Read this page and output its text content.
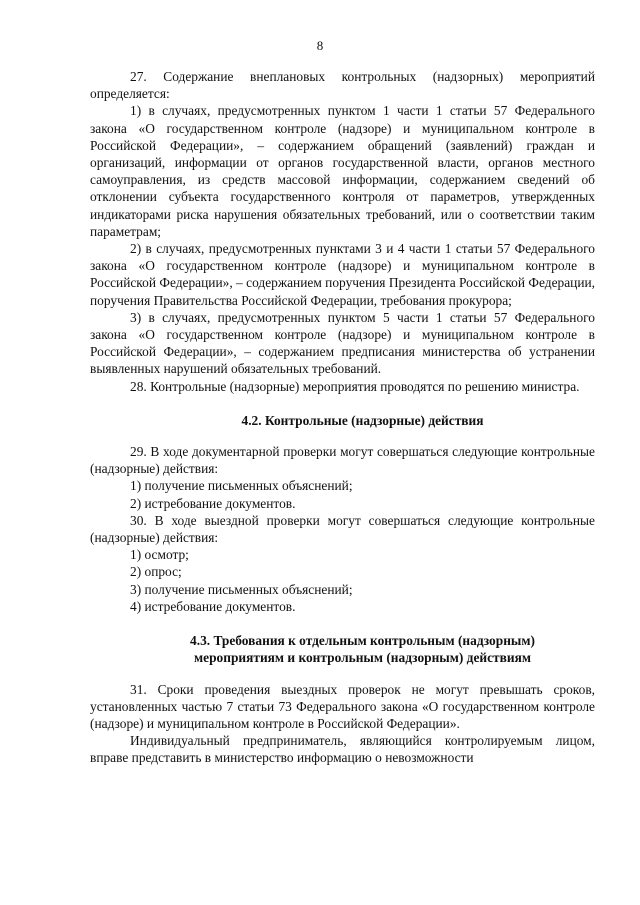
8

27. Содержание внеплановых контрольных (надзорных) мероприятий определяется:

1) в случаях, предусмотренных пунктом 1 части 1 статьи 57 Федерального закона «О государственном контроле (надзоре) и муниципальном контроле в Российской Федерации», – содержанием обращений (заявлений) граждан и организаций, информации от органов государственной власти, органов местного самоуправления, из средств массовой информации, содержанием сведений об отклонении субъекта государственного контроля от параметров, утвержденных индикаторами риска нарушения обязательных требований, или о соответствии таким параметрам;

2) в случаях, предусмотренных пунктами 3 и 4 части 1 статьи 57 Федерального закона «О государственном контроле (надзоре) и муниципальном контроле в Российской Федерации», – содержанием поручения Президента Российской Федерации, поручения Правительства Российской Федерации, требования прокурора;

3) в случаях, предусмотренных пунктом 5 части 1 статьи 57 Федерального закона «О государственном контроле (надзоре) и муниципальном контроле в Российской Федерации», – содержанием предписания министерства об устранении выявленных нарушений обязательных требований.

28. Контрольные (надзорные) мероприятия проводятся по решению министра.

4.2. Контрольные (надзорные) действия

29. В ходе документарной проверки могут совершаться следующие контрольные (надзорные) действия:

1) получение письменных объяснений;

2) истребование документов.

30. В ходе выездной проверки могут совершаться следующие контрольные (надзорные) действия:

1) осмотр;

2) опрос;

3) получение письменных объяснений;

4) истребование документов.

4.3. Требования к отдельным контрольным (надзорным)

мероприятиям и контрольным (надзорным) действиям

31. Сроки проведения выездных проверок не могут превышать сроков, установленных частью 7 статьи 73 Федерального закона «О государственном контроле (надзоре) и муниципальном контроле в Российской Федерации».

Индивидуальный предприниматель, являющийся контролируемым лицом, вправе представить в министерство информацию о невозможности
